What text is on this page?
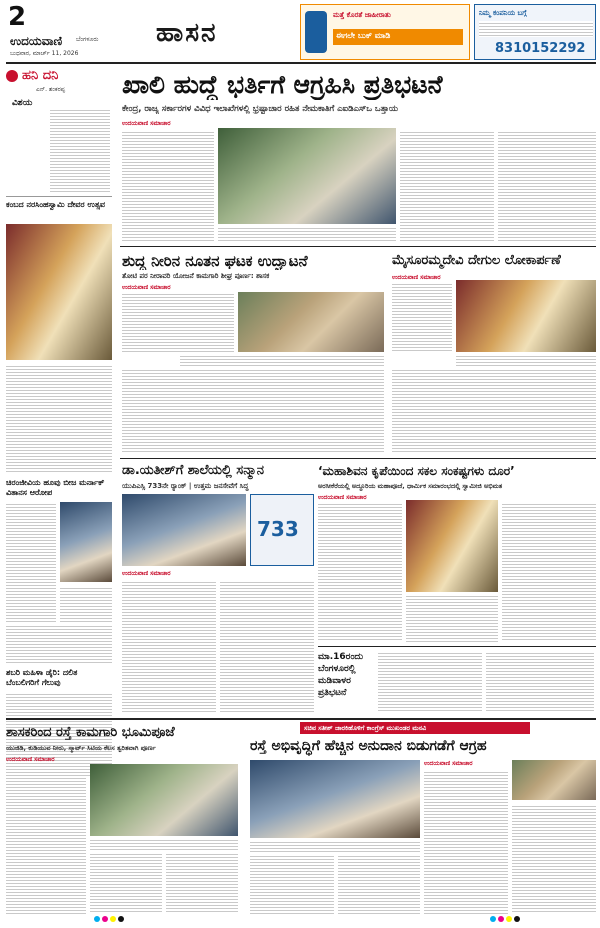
2
ಉದಯವಾಣಿ ಬೆಂಗಳೂರು
ಬುಧವಾರ, ಮಾರ್ಚ್ 11, 2026
ಹಾಸನ
ಮತ್ತೆ ಕೊರತೆ ಜಾಹೀರಾತು
ಈಗಲೇ ಬುಕ್ ಮಾಡಿ
ನಿಮ್ಮ ಕಂಪನಿಯ ಬಗ್ಗೆ
8310152292
ಹನಿ ದನಿ
ಎನ್. ಶಂಕರಪ್ಪ
ವಿಶಯ
ಕಂಬದ ನರಸಿಂಹಸ್ವಾಮಿ ದೇವರ ಉತ್ಸವ
ಚಿರಂಜೀವಿಯ ಹೂವು ಬೀಜ ಮರ್ನಾಕ್ ವಿತಾನಸ ಆರೋಪ
ಶಬರಿ ಮಹಿಳಾ ಡೈರಿ: ದಲಿತ ಬೆಂಬಲಿಗರಿಗೆ ಗೆಲುವು
ಖಾಲಿ ಹುದ್ದೆ ಭರ್ತಿಗೆ ಆಗ್ರಹಿಸಿ ಪ್ರತಿಭಟನೆ
ಕೇಂದ್ರ, ರಾಜ್ಯ ಸರ್ಕಾರಗಳ ವಿವಿಧ ಇಲಾಖೆಗಳಲ್ಲಿ ಭ್ರಷ್ಟಾಚಾರ ರಹಿತ ನೇಮಕಾತಿಗೆ ಎಐಡಿಎಸ್‌ಒ ಒತ್ತಾಯ
ಉದಯವಾಣಿ ಸಮಾಚಾರ
ಶುದ್ಧ ನೀರಿನ ನೂತನ ಘಟಕ ಉದ್ಘಾಟನೆ
ತೋಟಿ ಪರ ನೀರಾವರಿ ಯೋಜನೆ ಕಾಮಗಾರಿ ಶೀಘ್ರ ಪೂರ್ಣ: ಶಾಸಕ
ಉದಯವಾಣಿ ಸಮಾಚಾರ
ಮೈಸೂರಮ್ಮದೇವಿ ದೇಗುಲ ಲೋಕಾರ್ಪಣೆ
ಉದಯವಾಣಿ ಸಮಾಚಾರ
ಡಾ.ಯತೀಶ್‌ಗೆ ಶಾಲೆಯಲ್ಲಿ ಸನ್ಮಾನ
ಯುಪಿಎಸ್ಸಿ 733ನೇ ರ‍್ಯಾಂಕ್ | ಉತ್ತಮ ಜನಸೇವೆಗೆ ಸಿದ್ಧ
733
ಉದಯವಾಣಿ ಸಮಾಚಾರ
‘ಮಹಾಶಿವನ ಕೃಪೆಯಿಂದ ಸಕಲ ಸಂಕಷ್ಟಗಳು ದೂರ’
ಅರಸೀಕೆರೆಯಲ್ಲಿ ಅದ್ಧೂರಿಯ ಮಹಾಪೂಜೆ, ಧಾರ್ಮಿಕ ಸಮಾರಂಭದಲ್ಲಿ ಸ್ವಾಮೀಜಿ ಅಭಿಮತ
ಉದಯವಾಣಿ ಸಮಾಚಾರ
ಮಾ.16ರಂದು ಬೆಂಗಳೂರಲ್ಲಿ ಮಡಿವಾಳರ ಪ್ರತಿಭಟನೆ
ಶಾಸಕರಿಂದ ರಸ್ತೆ ಕಾಮಗಾರಿ ಭೂಮಿಪೂಜೆ
ಯುಜಿಡಿ, ಕುಡಿಯುವ ನೀರು, ಸ್ಮಾರ್ಟ್ ಸಿಟಿಯ ಕೆಲಸ ತ್ವರಿತವಾಗಿ ಪೂರ್ಣ
ಉದಯವಾಣಿ ಸಮಾಚಾರ
ಸಚಿವ ಸತೀಶ್ ಜಾರಕಿಹೊಳಿಗೆ ಕಾಂಗ್ರೆಸ್ ಮುಖಂಡರ ಮನವಿ
ರಸ್ತೆ ಅಭಿವೃದ್ಧಿಗೆ ಹೆಚ್ಚಿನ ಅನುದಾನ ಬಿಡುಗಡೆಗೆ ಆಗ್ರಹ
ಉದಯವಾಣಿ ಸಮಾಚಾರ
